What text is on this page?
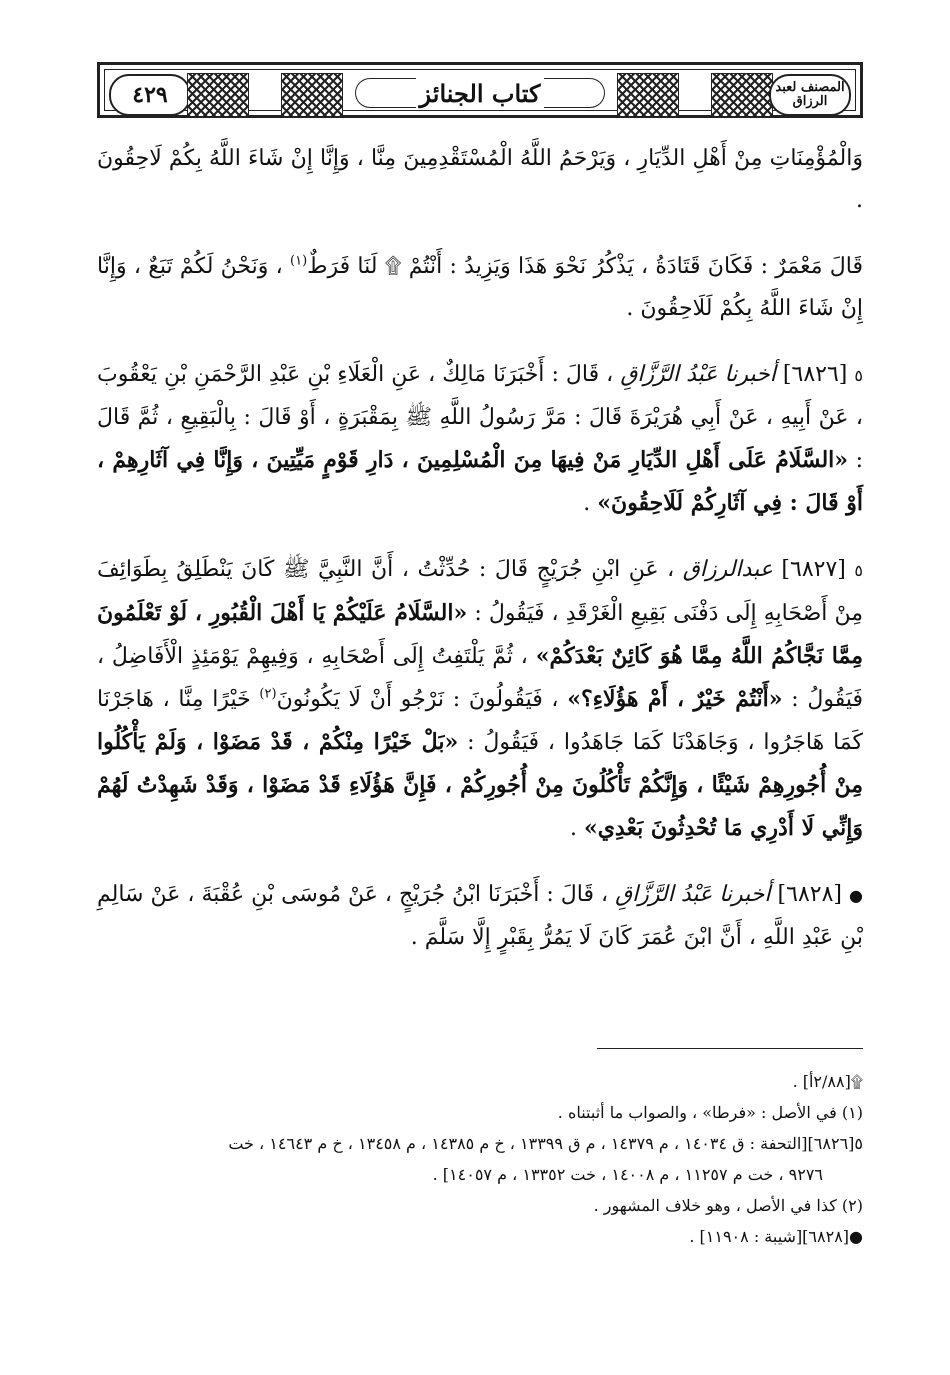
٤٢٩	كتاب الجنائز	المصنف لعبد الرزاق

وَالْمُؤْمِنَاتِ مِنْ أَهْلِ الدِّيَارِ ، وَيَرْحَمُ اللَّهُ الْمُسْتَقْدِمِينَ مِنَّا ، وَإِنَّا إِنْ شَاءَ اللَّهُ بِكُمْ لَاحِقُونَ .

قَالَ مَعْمَرٌ : فَكَانَ قَتَادَةُ ، يَذْكُرُ نَحْوَ هَذَا وَيَزِيدُ : أَنْتُمْ ۩ لَنَا فَرَطٌ$^{(١)}$ ، وَنَحْنُ لَكُمْ تَبَعٌ ، وَإِنَّا إِنْ شَاءَ اللَّهُ بِكُمْ لَلَاحِقُونَ .

٥ [٦٨٢٦] أخبرنا عَبْدُ الرَّزَّاقِ ، قَالَ : أَخْبَرَنَا مَالِكٌ ، عَنِ الْعَلَاءِ بْنِ عَبْدِ الرَّحْمَنِ بْنِ يَعْقُوبَ ، عَنْ أَبِيهِ ، عَنْ أَبِي هُرَيْرَةَ قَالَ : مَرَّ رَسُولُ اللَّهِ ﷺ بِمَقْبَرَةٍ ، أَوْ قَالَ : بِالْبَقِيعِ ، ثُمَّ قَالَ : «السَّلَامُ عَلَى أَهْلِ الدِّيَارِ مَنْ فِيهَا مِنَ الْمُسْلِمِينَ ، دَارِ قَوْمٍ مَيِّتِينَ ، وَإِنَّا فِي آثَارِهِمْ ، أَوْ قَالَ : فِي آثَارِكُمْ لَلَاحِقُونَ» .

٥ [٦٨٢٧] عبدالرزاق ، عَنِ ابْنِ جُرَيْجٍ قَالَ : حُدِّثْتُ ، أَنَّ النَّبِيَّ ﷺ كَانَ يَنْطَلِقُ بِطَوَائِفَ مِنْ أَصْحَابِهِ إِلَى دَفْنَى بَقِيعِ الْغَرْقَدِ ، فَيَقُولُ : «السَّلَامُ عَلَيْكُمْ يَا أَهْلَ الْقُبُورِ ، لَوْ تَعْلَمُونَ مِمَّا نَجَّاكُمُ اللَّهُ مِمَّا هُوَ كَائِنٌ بَعْدَكُمْ» ، ثُمَّ يَلْتَفِتُ إِلَى أَصْحَابِهِ ، وَفِيهِمْ يَوْمَئِذٍ الْأَفَاضِلُ ، فَيَقُولُ : «أَنْتُمْ خَيْرٌ ، أَمْ هَؤُلَاءِ؟» ، فَيَقُولُونَ : نَرْجُو أَنْ لَا يَكُونُونَ$^{(٢)}$ خَيْرًا مِنَّا ، هَاجَرْنَا كَمَا هَاجَرُوا ، وَجَاهَدْنَا كَمَا جَاهَدُوا ، فَيَقُولُ : «بَلْ خَيْرًا مِنْكُمْ ، قَدْ مَضَوْا ، وَلَمْ يَأْكُلُوا مِنْ أُجُورِهِمْ شَيْئًا ، وَإِنَّكُمْ تَأْكُلُونَ مِنْ أُجُورِكُمْ ، فَإِنَّ هَؤُلَاءِ قَدْ مَضَوْا ، وَقَدْ شَهِدْتُ لَهُمْ وَإِنِّي لَا أَدْرِي مَا تُحْدِثُونَ بَعْدِي» .

● [٦٨٢٨] أخبرنا عَبْدُ الرَّزَّاقِ ، قَالَ : أَخْبَرَنَا ابْنُ جُرَيْجٍ ، عَنْ مُوسَى بْنِ عُقْبَةَ ، عَنْ سَالِمِ بْنِ عَبْدِ اللَّهِ ، أَنَّ ابْنَ عُمَرَ كَانَ لَا يَمُرُّ بِقَبْرٍ إِلَّا سَلَّمَ .

۩[٢/٨٨أ] .
(١) في الأصل : «فرطا» ، والصواب ما أثبتناه .
٥[٦٨٢٦][التحفة : ق ١٤٠٣٤ ، م ١٤٣٧٩ ، م ق ١٣٣٩٩ ، خ م ١٤٣٨٥ ، م ١٣٤٥٨ ، خ م ١٤٦٤٣ ، خت
٩٢٧٦ ، خت م ١١٢٥٧ ، م ١٤٠٠٨ ، خت ١٣٣٥٢ ، م ١٤٠٥٧] .
(٢) كذا في الأصل ، وهو خلاف المشهور .
●[٦٨٢٨][شيبة : ١١٩٠٨] .
